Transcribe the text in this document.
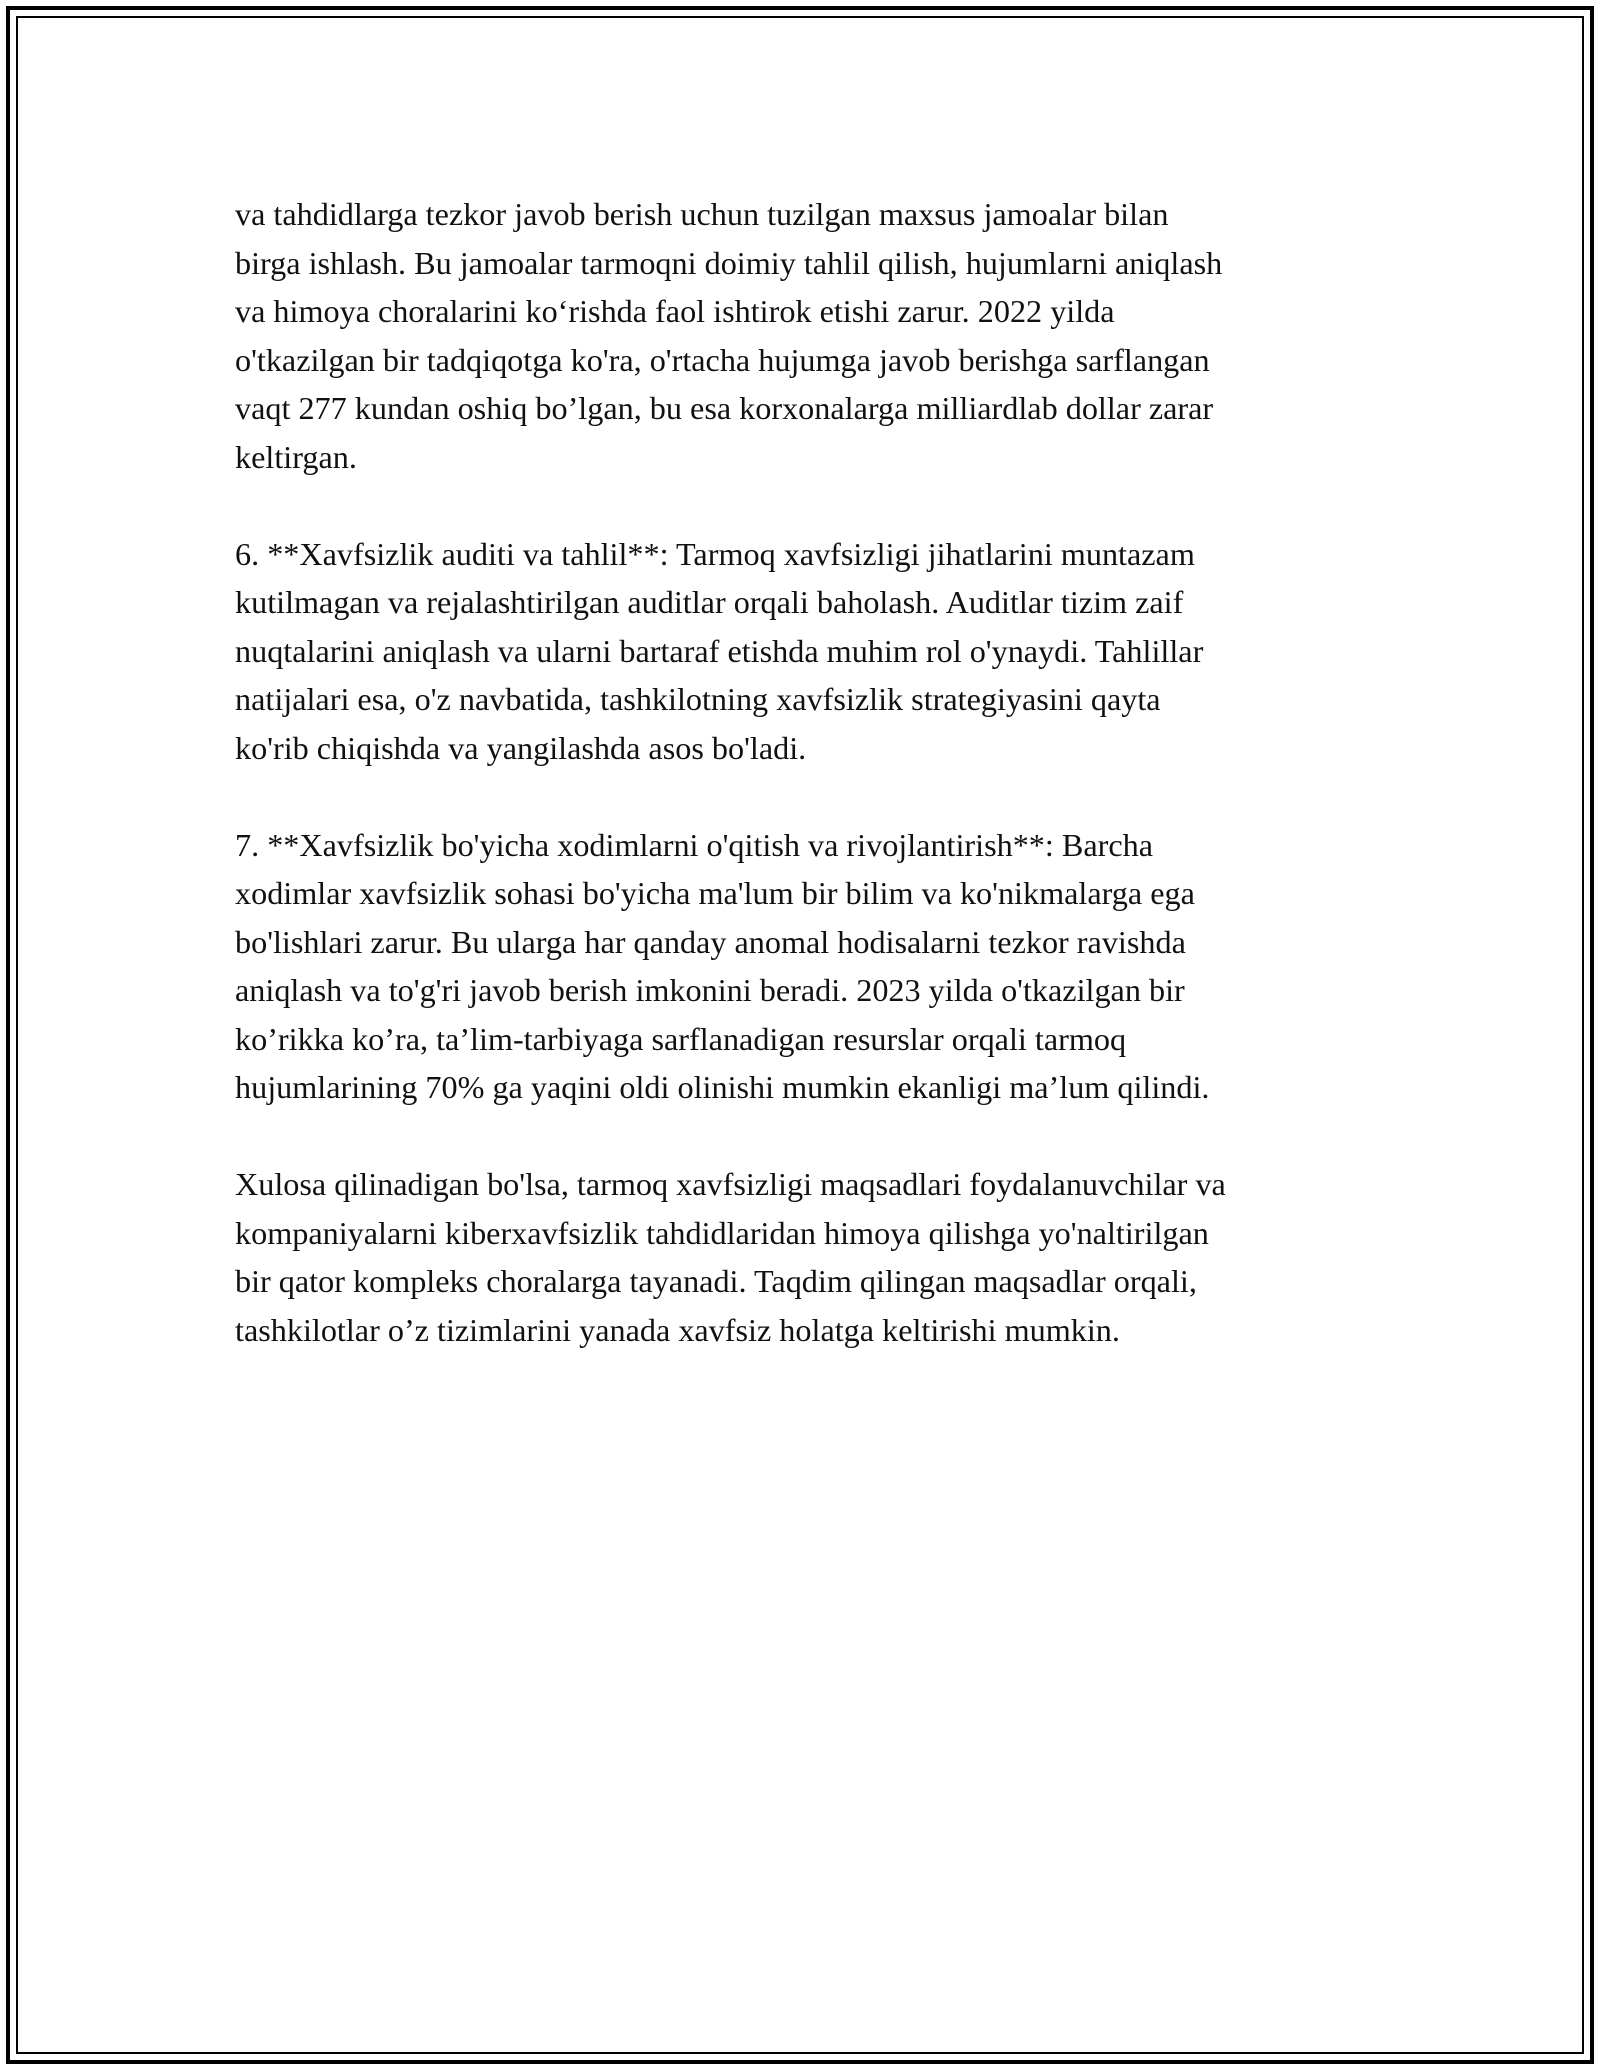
va tahdidlarga tezkor javob berish uchun tuzilgan maxsus jamoalar bilan
birga ishlash. Bu jamoalar tarmoqni doimiy tahlil qilish, hujumlarni aniqlash
va himoya choralarini ko‘rishda faol ishtirok etishi zarur. 2022 yilda
o'tkazilgan bir tadqiqotga ko'ra, o'rtacha hujumga javob berishga sarflangan
vaqt 277 kundan oshiq bo’lgan, bu esa korxonalarga milliardlab dollar zarar
keltirgan.
6. **Xavfsizlik auditi va tahlil**: Tarmoq xavfsizligi jihatlarini muntazam
kutilmagan va rejalashtirilgan auditlar orqali baholash. Auditlar tizim zaif
nuqtalarini aniqlash va ularni bartaraf etishda muhim rol o'ynaydi. Tahlillar
natijalari esa, o'z navbatida, tashkilotning xavfsizlik strategiyasini qayta
ko'rib chiqishda va yangilashda asos bo'ladi.
7. **Xavfsizlik bo'yicha xodimlarni o'qitish va rivojlantirish**: Barcha
xodimlar xavfsizlik sohasi bo'yicha ma'lum bir bilim va ko'nikmalarga ega
bo'lishlari zarur. Bu ularga har qanday anomal hodisalarni tezkor ravishda
aniqlash va to'g'ri javob berish imkonini beradi. 2023 yilda o'tkazilgan bir
ko’rikka ko’ra, ta’lim-tarbiyaga sarflanadigan resurslar orqali tarmoq
hujumlarining 70% ga yaqini oldi olinishi mumkin ekanligi ma’lum qilindi.
Xulosa qilinadigan bo'lsa, tarmoq xavfsizligi maqsadlari foydalanuvchilar va
kompaniyalarni kiberxavfsizlik tahdidlaridan himoya qilishga yo'naltirilgan
bir qator kompleks choralarga tayanadi. Taqdim qilingan maqsadlar orqali,
tashkilotlar o’z tizimlarini yanada xavfsiz holatga keltirishi mumkin.
